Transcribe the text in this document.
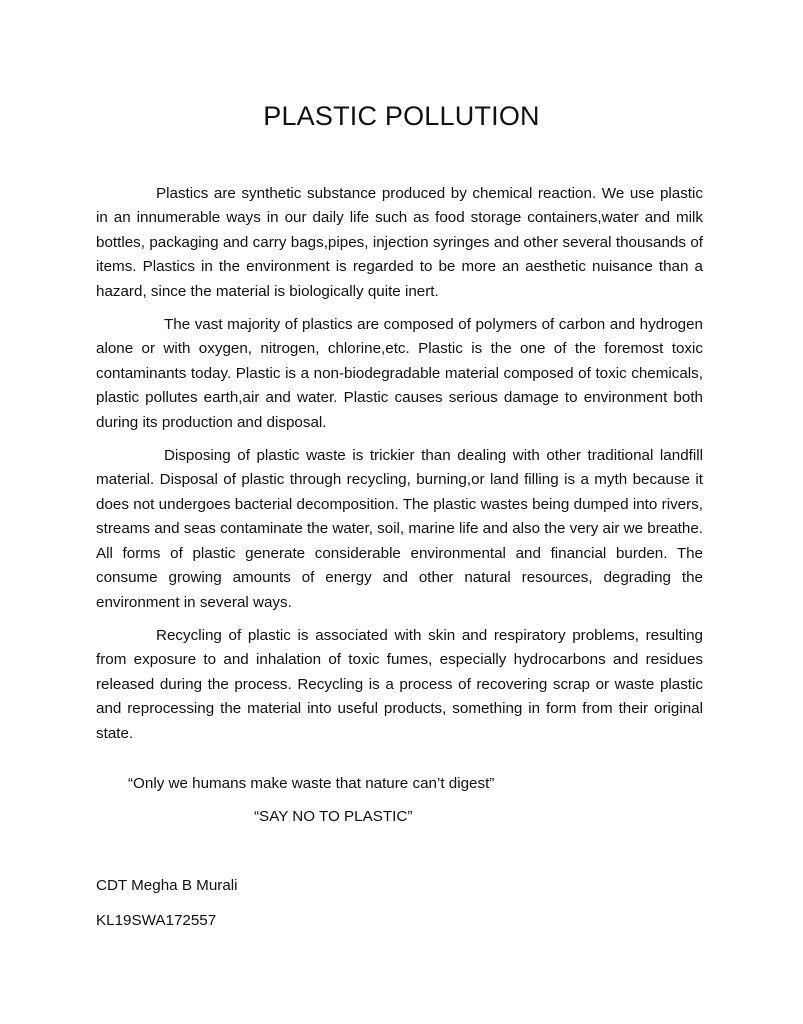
PLASTIC POLLUTION

Plastics are synthetic substance produced by chemical reaction. We use plastic in an innumerable ways in our daily life such as food storage containers,water and milk bottles, packaging and carry bags,pipes, injection syringes and other several thousands of items. Plastics in the environment is regarded to be more an aesthetic nuisance than a hazard, since the material is biologically quite inert.

The vast majority of plastics are composed of polymers of carbon and hydrogen alone or with oxygen, nitrogen, chlorine,etc. Plastic is the one of the foremost toxic contaminants today. Plastic is a non-biodegradable material composed of toxic chemicals, plastic pollutes earth,air and water. Plastic causes serious damage to environment both during its production and disposal.

Disposing of plastic waste is trickier than dealing with other traditional landfill material. Disposal of plastic through recycling, burning,or land filling is a myth because it does not undergoes bacterial decomposition. The plastic wastes being dumped into rivers, streams and seas contaminate the water, soil, marine life and also the very air we breathe. All forms of plastic generate considerable environmental and financial burden. The consume growing amounts of energy and other natural resources, degrading the environment in several ways.

Recycling of plastic is associated with skin and respiratory problems, resulting from exposure to and inhalation of toxic fumes, especially hydrocarbons and residues released during the process. Recycling is a process of recovering scrap or waste plastic and reprocessing the material into useful products, something in form from their original state.

“Only we humans make waste that nature can’t digest”
“SAY NO TO PLASTIC”
CDT Megha B Murali
KL19SWA172557
